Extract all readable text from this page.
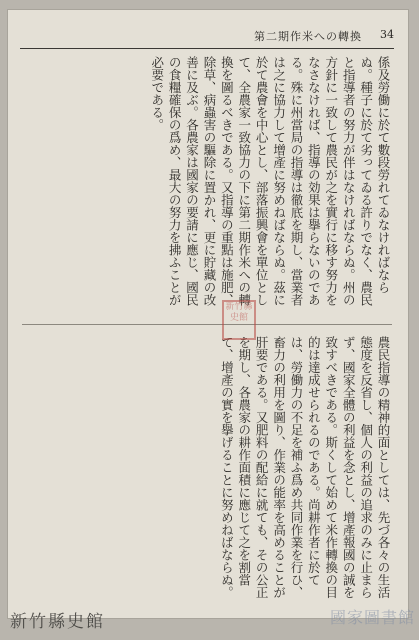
第二期作米への轉換 34
係及勞働に於て數段勞れてゐなければならぬ。種子に於て劣ってゐる許りでなく、農民と指導者の努力が伴はなければならぬ。州の方針に一致して農民が之を實行に移す努力をなさなければ、指導の効果は擧らないのである。殊に州當局の指導は徹底を期し、當業者は之に協力して增產に努めねばならぬ。茲に於て農會を中心とし、部落振興會を單位として、全農家一致協力の下に第二期作米への轉換を圖るべきである。又指導の重點は施肥、除草、病蟲害の驅除に置かれ、更に貯藏の改善に及ぶ。各農家は國家の要請に應じ、國民の食糧確保の爲め、最大の努力を拂ふことが必要である。
農民指導の精神的面としては、先づ各々の生活態度を反省し、個人の利益の追求のみに止まらず、國家全體の利益を念とし、增產報國の誠を致すべきである。斯くして始めて米作轉換の目的は達成せられるのである。尚耕作者に於ては、勞働力の不足を補ふ爲め共同作業を行ひ、畜力の利用を圖り、作業の能率を高めることが肝要である。又肥料の配給に就ても、その公正を期し、各農家の耕作面積に應じて之を割當て、增產の實を擧げることに努めねばならぬ。
新竹縣史館
新竹縣史館	國家圖書館
